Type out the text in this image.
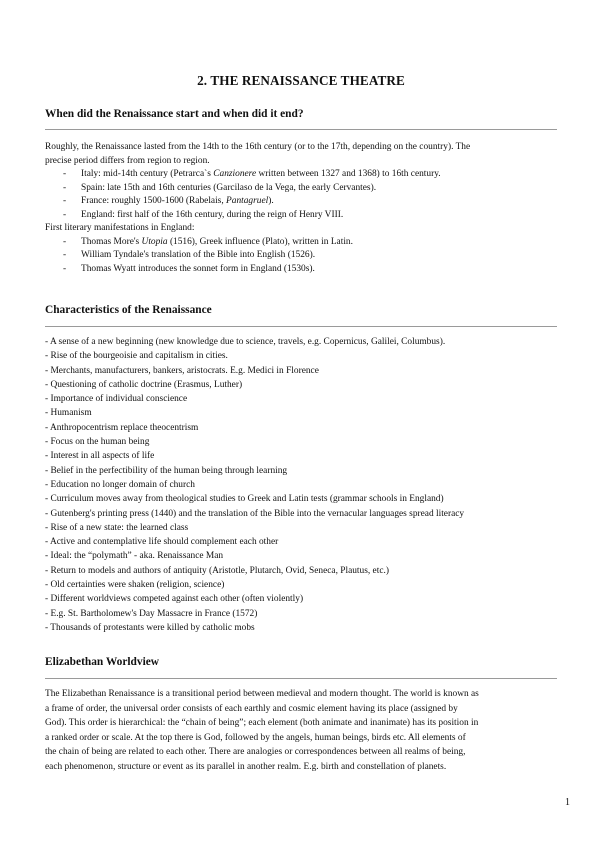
2. THE RENAISSANCE THEATRE
When did the Renaissance start and when did it end?
Roughly, the Renaissance lasted from the 14th to the 16th century (or to the 17th, depending on the country). The
precise period differs from region to region.
- Italy: mid-14th century (Petrarca`s Canzionere written between 1327 and 1368) to 16th century.
- Spain: late 15th and 16th centuries (Garcilaso de la Vega, the early Cervantes).
- France: roughly 1500-1600 (Rabelais, Pantagruel).
- England: first half of the 16th century, during the reign of Henry VIII.
First literary manifestations in England:
- Thomas More's Utopia (1516), Greek influence (Plato), written in Latin.
- William Tyndale's translation of the Bible into English (1526).
- Thomas Wyatt introduces the sonnet form in England (1530s).
Characteristics of the Renaissance
- A sense of a new beginning (new knowledge due to science, travels, e.g. Copernicus, Galilei, Columbus).
- Rise of the bourgeoisie and capitalism in cities.
- Merchants, manufacturers, bankers, aristocrats. E.g. Medici in Florence
- Questioning of catholic doctrine (Erasmus, Luther)
- Importance of individual conscience
- Humanism
- Anthropocentrism replace theocentrism
- Focus on the human being
- Interest in all aspects of life
- Belief in the perfectibility of the human being through learning
- Education no longer domain of church
- Curriculum moves away from theological studies to Greek and Latin tests (grammar schools in England)
- Gutenberg's printing press (1440) and the translation of the Bible into the vernacular languages spread literacy
- Rise of a new state: the learned class
- Active and contemplative life should complement each other
- Ideal: the “polymath” - aka. Renaissance Man
- Return to models and authors of antiquity (Aristotle, Plutarch, Ovid, Seneca, Plautus, etc.)
- Old certainties were shaken (religion, science)
- Different worldviews competed against each other (often violently)
- E.g. St. Bartholomew's Day Massacre in France (1572)
- Thousands of protestants were killed by catholic mobs
Elizabethan Worldview
The Elizabethan Renaissance is a transitional period between medieval and modern thought. The world is known as
a frame of order, the universal order consists of each earthly and cosmic element having its place (assigned by
God). This order is hierarchical: the “chain of being”; each element (both animate and inanimate) has its position in
a ranked order or scale. At the top there is God, followed by the angels, human beings, birds etc. All elements of
the chain of being are related to each other. There are analogies or correspondences between all realms of being,
each phenomenon, structure or event as its parallel in another realm. E.g. birth and constellation of planets.
1
